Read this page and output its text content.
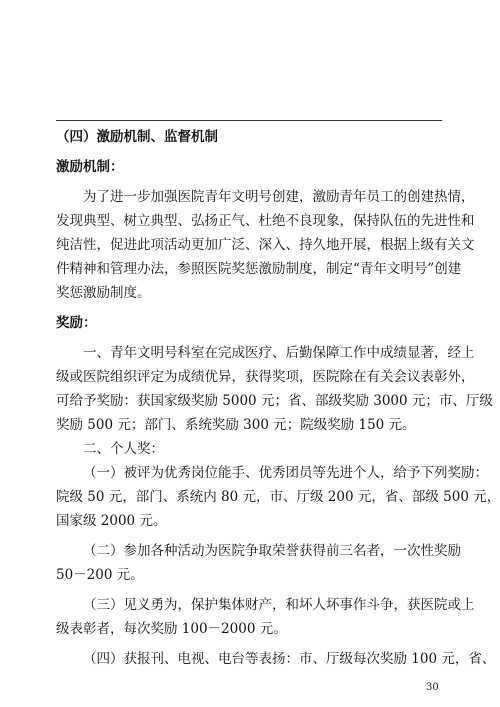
（四）激励机制、监督机制
激励机制：
为了进一步加强医院青年文明号创建，激励青年员工的创建热情，
发现典型、树立典型、弘扬正气、杜绝不良现象，保持队伍的先进性和
纯洁性，促进此项活动更加广泛、深入、持久地开展，根据上级有关文
件精神和管理办法，参照医院奖惩激励制度，制定“青年文明号”创建
奖惩激励制度。
奖励：
一、青年文明号科室在完成医疗、后勤保障工作中成绩显著，经上
级或医院组织评定为成绩优异，获得奖项，医院除在有关会议表彰外，
可给予奖励：获国家级奖励 5000 元；省、部级奖励 3000 元；市、厅级
奖励 500 元；部门、系统奖励 300 元；院级奖励 150 元。
二、个人奖：
（一）被评为优秀岗位能手、优秀团员等先进个人，给予下列奖励：
院级 50 元，部门、系统内 80 元，市、厅级 200 元，省、部级 500 元，
国家级 2000 元。
（二）参加各种活动为医院争取荣誉获得前三名者，一次性奖励
50－200 元。
（三）见义勇为，保护集体财产，和坏人坏事作斗争，获医院或上
级表彰者，每次奖励 100－2000 元。
（四）获报刊、电视、电台等表扬：市、厅级每次奖励 100 元，省、
30
